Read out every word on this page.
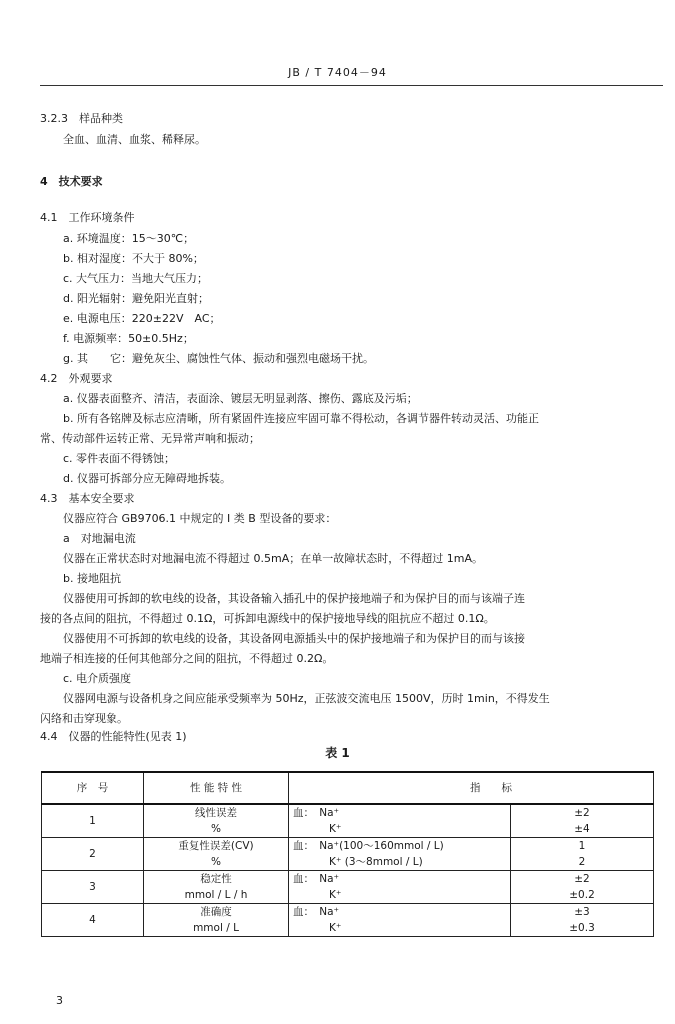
JB / T 7404－94
3.2.3　样品种类
全血、血清、血浆、稀释尿。
4　技术要求
4.1　工作环境条件
a. 环境温度：15～30℃；
b. 相对湿度：不大于 80%；
c. 大气压力：当地大气压力；
d. 阳光辐射：避免阳光直射；
e. 电源电压：220±22V　AC；
f. 电源频率：50±0.5Hz；
g. 其　　它：避免灰尘、腐蚀性气体、振动和强烈电磁场干扰。
4.2　外观要求
a. 仪器表面整齐、清洁，表面涂、镀层无明显剥落、擦伤、露底及污垢；
b. 所有各铭牌及标志应清晰，所有紧固件连接应牢固可靠不得松动，各调节器件转动灵活、功能正
常、传动部件运转正常、无异常声响和振动；
c. 零件表面不得锈蚀；
d. 仪器可拆部分应无障碍地拆装。
4.3　基本安全要求
仪器应符合 GB9706.1 中规定的 I 类 B 型设备的要求：
a　对地漏电流
仪器在正常状态时对地漏电流不得超过 0.5mA；在单一故障状态时，不得超过 1mA。
b. 接地阻抗
仪器使用可拆卸的软电线的设备，其设备输入插孔中的保护接地端子和为保护目的而与该端子连
接的各点间的阻抗，不得超过 0.1Ω，可拆卸电源线中的保护接地导线的阻抗应不超过 0.1Ω。
仪器使用不可拆卸的软电线的设备，其设备网电源插头中的保护接地端子和为保护目的而与该接
地端子相连接的任何其他部分之间的阻抗，不得超过 0.2Ω。
c. 电介质强度
仪器网电源与设备机身之间应能承受频率为 50Hz，正弦波交流电压 1500V，历时 1min，不得发生
闪络和击穿现象。
4.4　仪器的性能特性(见表 1)
表 1
序　号	性 能 特 性	指　　标	
1	线性误差	血：　Na⁺	±2
	%	K⁺	±4
2	重复性误差(CV)	血：　Na⁺(100～160mmol / L)	1
	%	K⁺ (3～8mmol / L)	2
3	稳定性	血：　Na⁺	±2
	mmol / L / h	K⁺	±0.2
4	准确度	血：　Na⁺	±3
	mmol / L	K⁺	±0.3
3
